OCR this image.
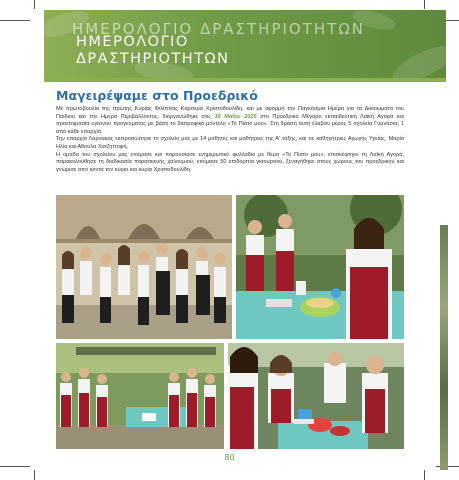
ΗΜΕΡΟΛΟΓΙΟ ΔΡΑΣΤΗΡΙΟΤΗΤΩΝ
ΗΜΕΡΟΛΟΓΙΟ
ΔΡΑΣΤΗΡΙΟΤΗΤΩΝ
Μαγειρέψαμε στο Προεδρικό

Με πρωτοβουλία της πρώτης Κυρίας Φιλίππας Καρσερά Χριστοδουλίδη, και με αφορμή την Παγκόσμια Ημέρα για τα Δικαιώματα του Παιδιού και την Ημέρα Περιβάλλοντος, διοργανώθηκε στις 15 Μαΐου 2025 στο Προεδρικό Μέγαρο εκπαιδευτική Λαϊκή Αγορά και προετοιμασία υγιεινού προγεύματος με βάση το διατροφικό μοντέλο «Το Πιάτο μου». Στη δράση αυτή έλαβαν μέρος 5 σχολεία Γυμνάσια, 1 από κάθε επαρχία.

Την επαρχία Λάρνακας εκπροσώπησε το σχολείο μας με 14 μαθητές και μαθήτριες της Α' τάξης, και τις καθηγήτριες Αγωγής Υγείας, Μαρία Ηλία και Αθούλα Χατζηττοφή.

Η ομάδα του σχολείου μας ετοίμασε και παρουσίασε ενημερωτικό φυλλάδιο με θέμα «Το Πιάτο μου», επισκέφτηκε τη Λαϊκή Αγορά, παρακολούθησε τη διαδικασία παρασκευής χαλουμιού, ετοίμασε 50 επιδόρπια γιαουρτιού, ξεναγήθηκε στους χώρους του προεδρικού και γνώρισε από κοντά τον κύριο και κυρία Χριστοδουλίδη.

80
